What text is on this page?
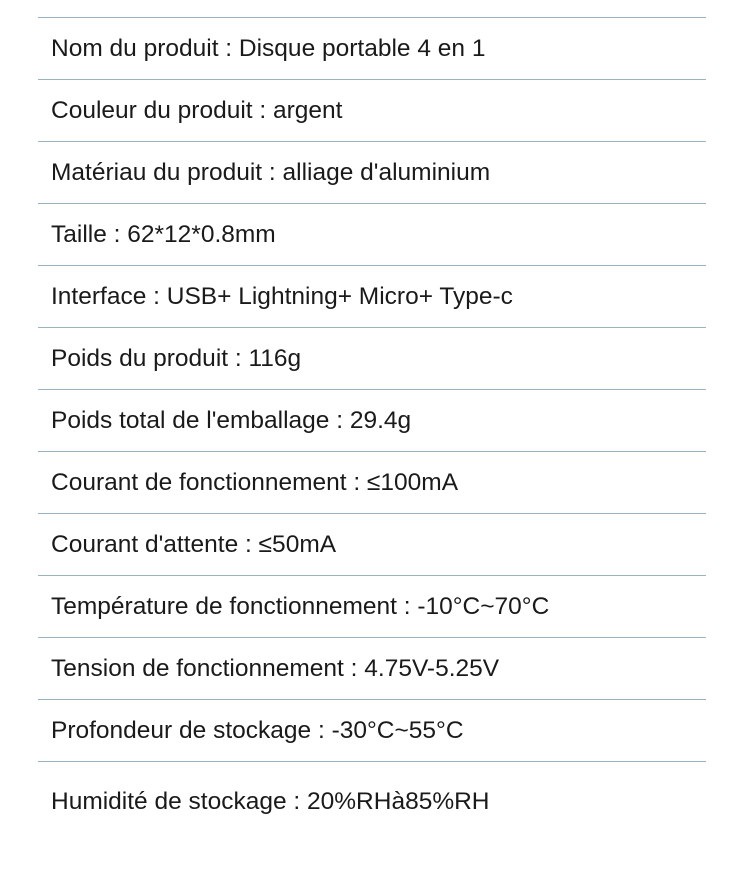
Nom du produit : Disque portable 4 en 1
Couleur du produit : argent
Matériau du produit : alliage d'aluminium
Taille : 62*12*0.8mm
Interface : USB+ Lightning+ Micro+ Type-c
Poids du produit : 116g
Poids total de l'emballage : 29.4g
Courant de fonctionnement : ≤100mA
Courant d'attente : ≤50mA
Température de fonctionnement : -10°C~70°C
Tension de fonctionnement : 4.75V-5.25V
Profondeur de stockage : -30°C~55°C
Humidité de stockage : 20%RHà85%RH
